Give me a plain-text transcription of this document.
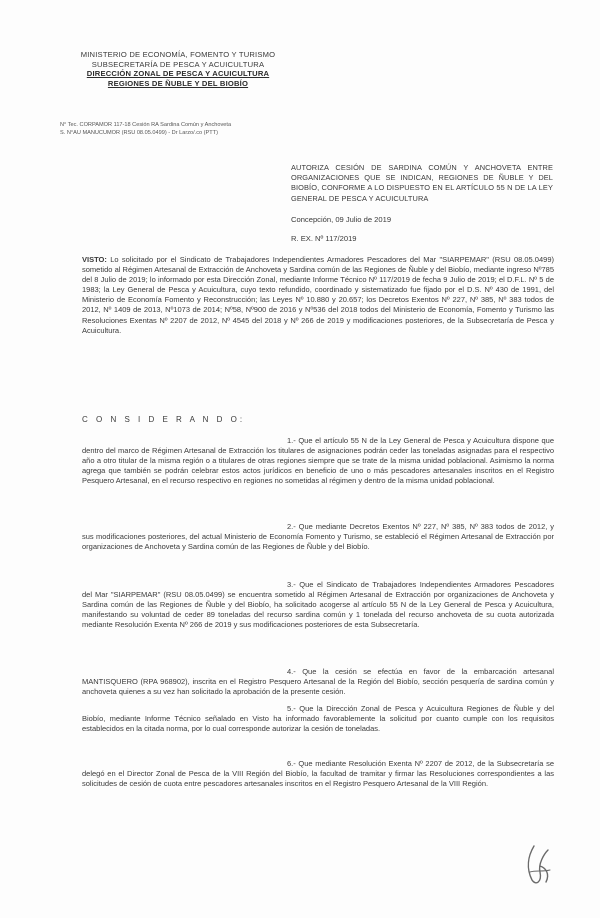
MINISTERIO DE ECONOMÍA, FOMENTO Y TURISMO
SUBSECRETARÍA DE PESCA Y ACUICULTURA
DIRECCIÓN ZONAL DE PESCA Y ACUICULTURA
REGIONES DE ÑUBLE Y DEL BIOBÍO
N° Tec. CORPAMOR 117-18 Cesión RA Sardina Común y Anchoveta
S. N°AU MANUCUMOR (RSU 08.05.0499) - Dr Larzo/.co (PTT)
AUTORIZA CESIÓN DE SARDINA COMÚN Y ANCHOVETA ENTRE ORGANIZACIONES QUE SE INDICAN, REGIONES DE ÑUBLE Y DEL BIOBÍO, CONFORME A LO DISPUESTO EN EL ARTÍCULO 55 N DE LA LEY GENERAL DE PESCA Y ACUICULTURA
Concepción, 09 Julio de 2019
R. EX. Nº 117/2019
VISTO: Lo solicitado por el Sindicato de Trabajadores Independientes Armadores Pescadores del Mar "SIARPEMAR" (RSU 08.05.0499) sometido al Régimen Artesanal de Extracción de Anchoveta y Sardina común de las Regiones de Ñuble y del Biobío, mediante ingreso Nº785 del 8 Julio de 2019; lo informado por esta Dirección Zonal, mediante Informe Técnico Nº 117/2019 de fecha 9 Julio de 2019; el D.F.L. Nº 5 de 1983; la Ley General de Pesca y Acuicultura, cuyo texto refundido, coordinado y sistematizado fue fijado por el D.S. Nº 430 de 1991, del Ministerio de Economía Fomento y Reconstrucción; las Leyes Nº 10.880 y 20.657; los Decretos Exentos Nº 227, Nº 385, Nº 383 todos de 2012, Nº 1409 de 2013, Nº1073 de 2014; Nº58, Nº900 de 2016 y Nº536 del 2018 todos del Ministerio de Economía, Fomento y Turismo las Resoluciones Exentas Nº 2207 de 2012, Nº 4545 del 2018 y Nº 266 de 2019 y modificaciones posteriores, de la Subsecretaría de Pesca y Acuicultura.
C O N S I D E R A N D O:
1.- Que el artículo 55 N de la Ley General de Pesca y Acuicultura dispone que dentro del marco de Régimen Artesanal de Extracción los titulares de asignaciones podrán ceder las toneladas asignadas para el respectivo año a otro titular de la misma región o a titulares de otras regiones siempre que se trate de la misma unidad poblacional. Asimismo la norma agrega que también se podrán celebrar estos actos jurídicos en beneficio de uno o más pescadores artesanales inscritos en el Registro Pesquero Artesanal, en el recurso respectivo en regiones no sometidas al régimen y dentro de la misma unidad poblacional.
2.- Que mediante Decretos Exentos Nº 227, Nº 385, Nº 383 todos de 2012, y sus modificaciones posteriores, del actual Ministerio de Economía Fomento y Turismo, se estableció el Régimen Artesanal de Extracción por organizaciones de Anchoveta y Sardina común de las Regiones de Ñuble y del Biobío.
3.- Que el Sindicato de Trabajadores Independientes Armadores Pescadores del Mar "SIARPEMAR" (RSU 08.05.0499) se encuentra sometido al Régimen Artesanal de Extracción por organizaciones de Anchoveta y Sardina común de las Regiones de Ñuble y del Biobío, ha solicitado acogerse al artículo 55 N de la Ley General de Pesca y Acuicultura, manifestando su voluntad de ceder 89 toneladas del recurso sardina común y 1 tonelada del recurso anchoveta de su cuota autorizada mediante Resolución Exenta Nº 266 de 2019 y sus modificaciones posteriores de esta Subsecretaría.
4.- Que la cesión se efectúa en favor de la embarcación artesanal MANTISQUERO (RPA 968902), inscrita en el Registro Pesquero Artesanal de la Región del Biobío, sección pesquería de sardina común y anchoveta quienes a su vez han solicitado la aprobación de la presente cesión.
5.- Que la Dirección Zonal de Pesca y Acuicultura Regiones de Ñuble y del Biobío, mediante Informe Técnico señalado en Visto ha informado favorablemente la solicitud por cuanto cumple con los requisitos establecidos en la citada norma, por lo cual corresponde autorizar la cesión de toneladas.
6.- Que mediante Resolución Exenta Nº 2207 de 2012, de la Subsecretaría se delegó en el Director Zonal de Pesca de la VIII Región del Biobío, la facultad de tramitar y firmar las Resoluciones correspondientes a las solicitudes de cesión de cuota entre pescadores artesanales inscritos en el Registro Pesquero Artesanal de la VIII Región.
